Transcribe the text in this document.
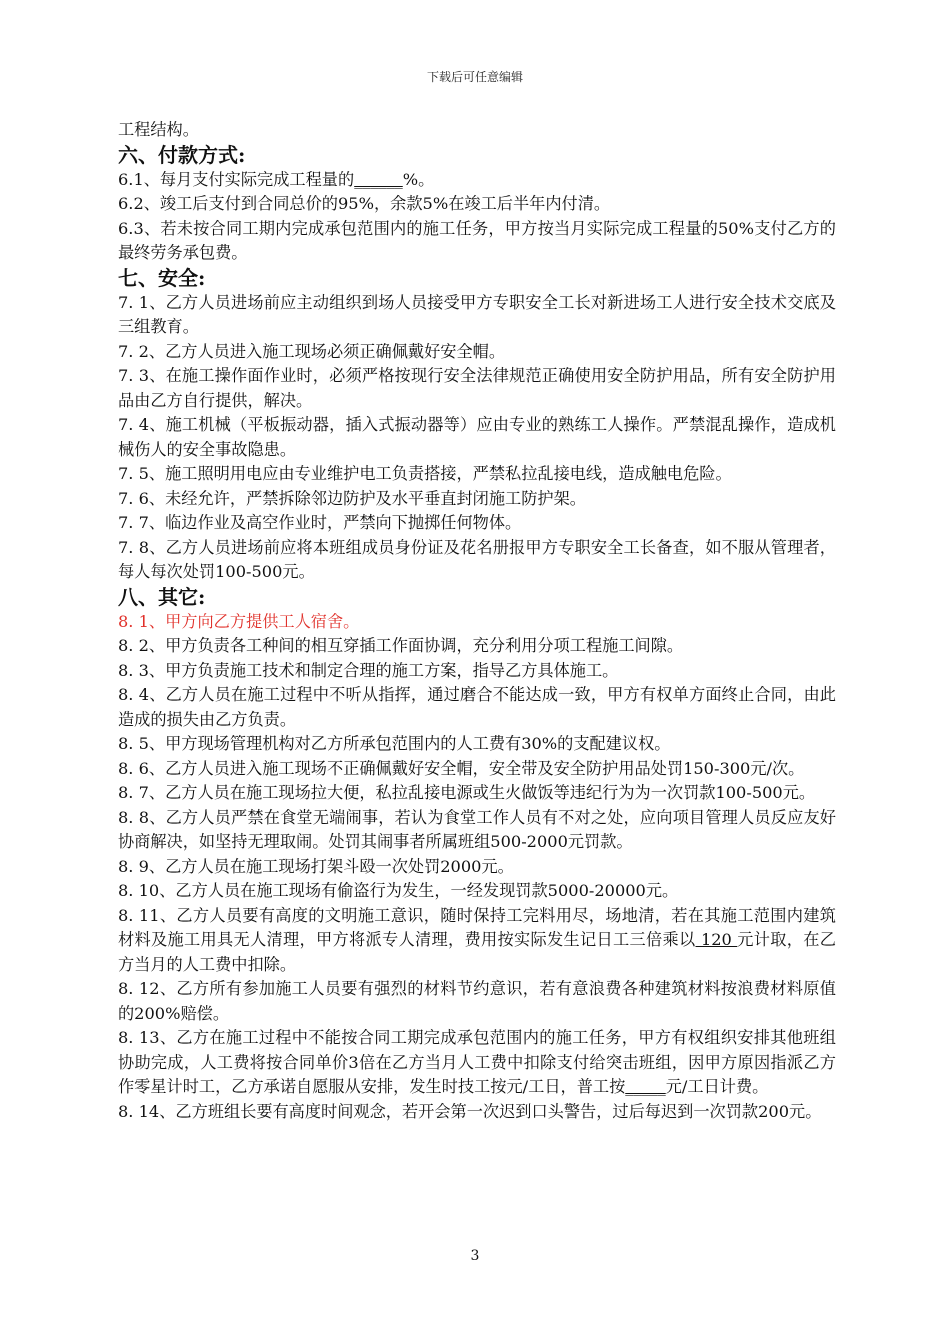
下载后可任意编辑

工程结构。

六、付款方式:

6.1、每月支付实际完成工程量的______%。

6.2、竣工后支付到合同总价的95%，余款5%在竣工后半年内付清。

6.3、若未按合同工期内完成承包范围内的施工任务，甲方按当月实际完成工程量的50%支付乙方的最终劳务承包费。

七、安全:

7. 1、乙方人员进场前应主动组织到场人员接受甲方专职安全工长对新进场工人进行安全技术交底及三组教育。

7. 2、乙方人员进入施工现场必须正确佩戴好安全帽。

7. 3、在施工操作面作业时，必须严格按现行安全法律规范正确使用安全防护用品，所有安全防护用品由乙方自行提供，解决。

7. 4、施工机械（平板振动器，插入式振动器等）应由专业的熟练工人操作。严禁混乱操作，造成机械伤人的安全事故隐患。

7. 5、施工照明用电应由专业维护电工负责搭接，严禁私拉乱接电线，造成触电危险。

7. 6、未经允许，严禁拆除邻边防护及水平垂直封闭施工防护架。

7. 7、临边作业及高空作业时，严禁向下抛掷任何物体。

7. 8、乙方人员进场前应将本班组成员身份证及花名册报甲方专职安全工长备查，如不服从管理者，每人每次处罚100-500元。

八、其它:

8. 1、甲方向乙方提供工人宿舍。

8. 2、甲方负责各工种间的相互穿插工作面协调，充分利用分项工程施工间隙。

8. 3、甲方负责施工技术和制定合理的施工方案，指导乙方具体施工。

8. 4、乙方人员在施工过程中不听从指挥，通过磨合不能达成一致，甲方有权单方面终止合同，由此造成的损失由乙方负责。

8. 5、甲方现场管理机构对乙方所承包范围内的人工费有30%的支配建议权。

8. 6、乙方人员进入施工现场不正确佩戴好安全帽，安全带及安全防护用品处罚150-300元/次。

8. 7、乙方人员在施工现场拉大便，私拉乱接电源或生火做饭等违纪行为为一次罚款100-500元。

8. 8、乙方人员严禁在食堂无端闹事，若认为食堂工作人员有不对之处，应向项目管理人员反应友好协商解决，如坚持无理取闹。处罚其闹事者所属班组500-2000元罚款。

8. 9、乙方人员在施工现场打架斗殴一次处罚2000元。

8. 10、乙方人员在施工现场有偷盗行为发生，一经发现罚款5000-20000元。

8. 11、乙方人员要有高度的文明施工意识，随时保持工完料用尽，场地清，若在其施工范围内建筑材料及施工用具无人清理，甲方将派专人清理，费用按实际发生记日工三倍乘以 120 元计取，在乙方当月的人工费中扣除。

8. 12、乙方所有参加施工人员要有强烈的材料节约意识，若有意浪费各种建筑材料按浪费材料原值的200%赔偿。

8. 13、乙方在施工过程中不能按合同工期完成承包范围内的施工任务，甲方有权组织安排其他班组协助完成，人工费将按合同单价3倍在乙方当月人工费中扣除支付给突击班组，因甲方原因指派乙方作零星计时工，乙方承诺自愿服从安排，发生时技工按元/工日，普工按_____元/工日计费。

8. 14、乙方班组长要有高度时间观念，若开会第一次迟到口头警告，过后每迟到一次罚款200元。

3
